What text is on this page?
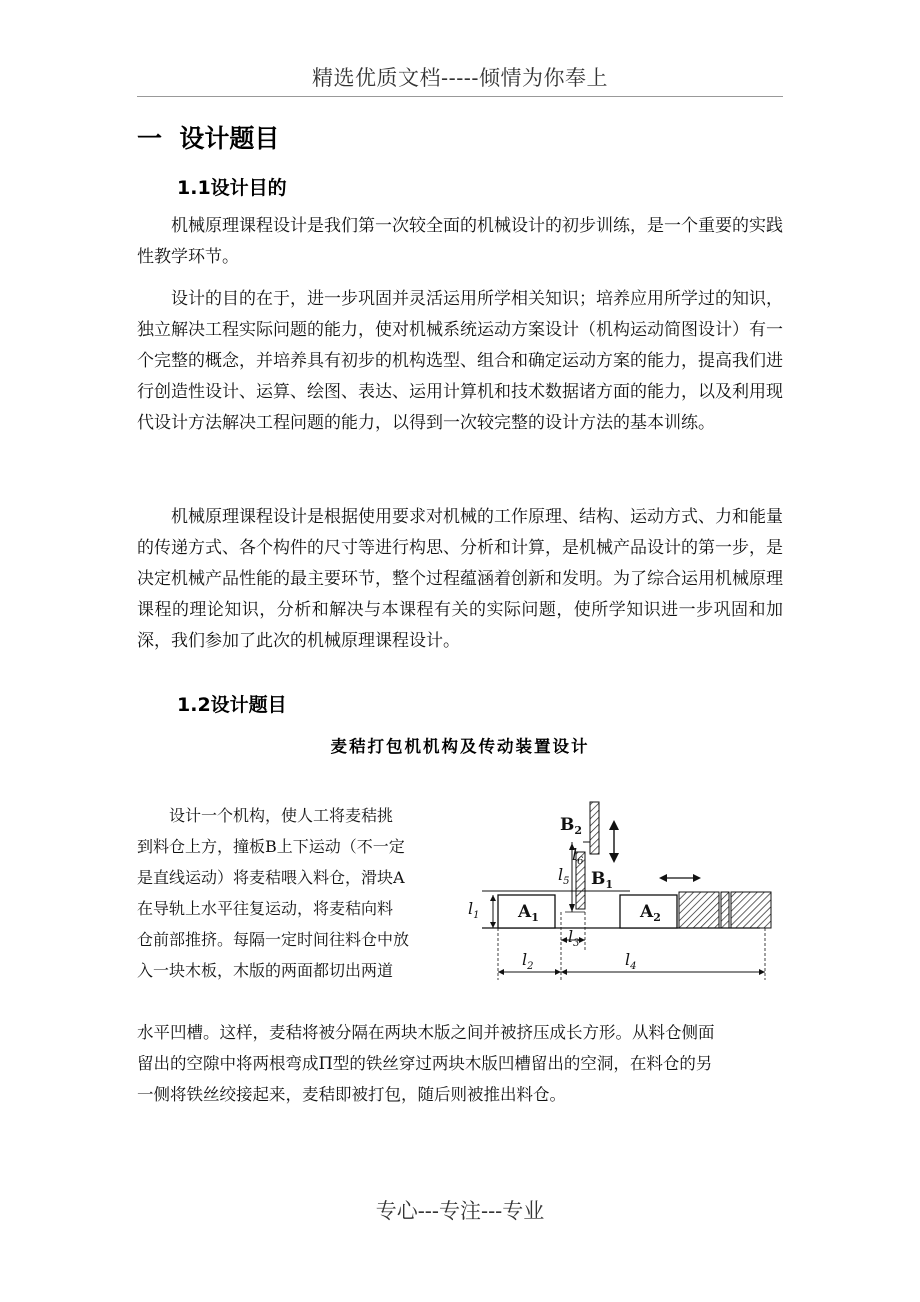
精选优质文档-----倾情为你奉上
一  设计题目
1.1设计目的

机械原理课程设计是我们第一次较全面的机械设计的初步训练，是一个重要的实践性教学环节。

设计的目的在于，进一步巩固并灵活运用所学相关知识；培养应用所学过的知识，独立解决工程实际问题的能力，使对机械系统运动方案设计（机构运动简图设计）有一个完整的概念，并培养具有初步的机构选型、组合和确定运动方案的能力，提高我们进行创造性设计、运算、绘图、表达、运用计算机和技术数据诸方面的能力，以及利用现代设计方法解决工程问题的能力，以得到一次较完整的设计方法的基本训练。

机械原理课程设计是根据使用要求对机械的工作原理、结构、运动方式、力和能量的传递方式、各个构件的尺寸等进行构思、分析和计算，是机械产品设计的第一步，是决定机械产品性能的最主要环节，整个过程蕴涵着创新和发明。为了综合运用机械原理课程的理论知识，分析和解决与本课程有关的实际问题，使所学知识进一步巩固和加深，我们参加了此次的机械原理课程设计。

1.2设计题目
麦秸打包机机构及传动装置设计
　　设计一个机构，使人工将麦秸挑
到料仓上方，撞板B上下运动（不一定
是直线运动）将麦秸喂入料仓，滑块A
在导轨上水平往复运动，将麦秸向料
仓前部推挤。每隔一定时间往料仓中放
入一块木板，木版的两面都切出两道
$B_2$
$B_1$
$A_1$	$A_2$
$l_1$
$l_2$
$l_3$
$l_4$
$l_5$
$l_6$
水平凹槽。这样，麦秸将被分隔在两块木版之间并被挤压成长方形。从料仓侧面
留出的空隙中将两根弯成Π型的铁丝穿过两块木版凹槽留出的空洞，在料仓的另
一侧将铁丝绞接起来，麦秸即被打包，随后则被推出料仓。
专心---专注---专业
